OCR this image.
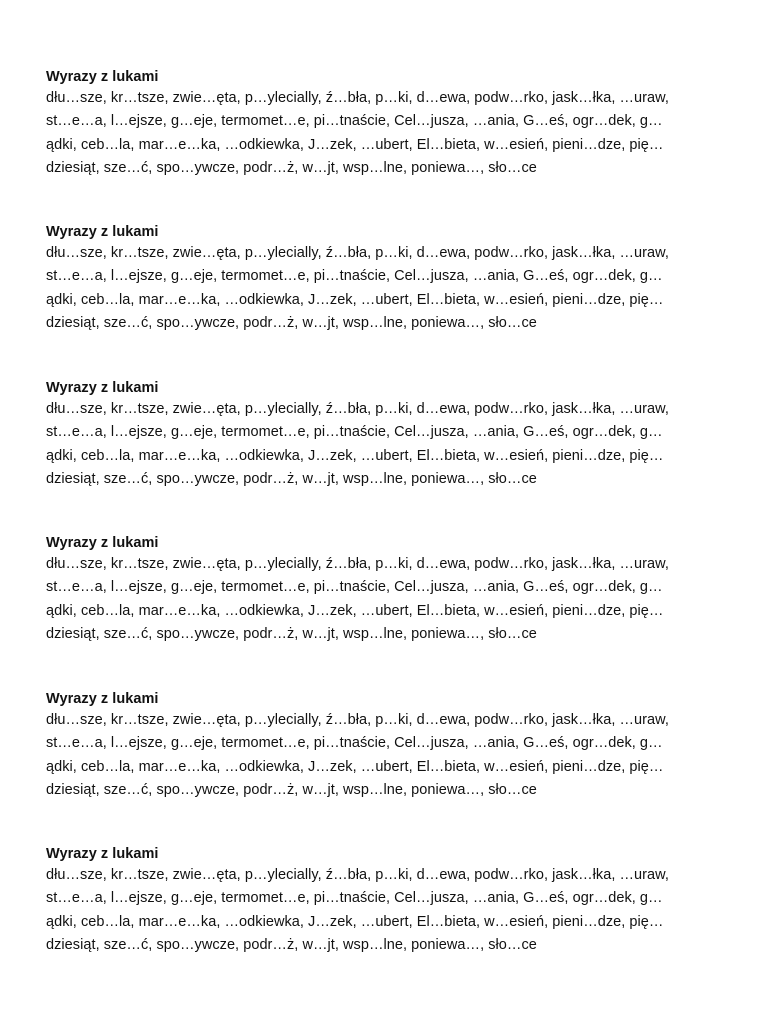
Wyrazy z lukami

dłu…sze, kr…tsze, zwie…ęta, p…ylecially, ź…bła, p…ki, d…ewa, podw…rko, jask…łka, …uraw,

st…e…a, l…ejsze, g…eje, termomet…e, pi…tnaście, Cel…jusza, …ania, G…eś, ogr…dek, g…

ądki, ceb…la, mar…e…ka, …odkiewka, J…zek, …ubert, El…bieta, w…esień, pieni…dze, pię…

dziesiąt, sze…ć, spo…ywcze, podr…ż, w…jt, wsp…lne, poniewa…, sło…ce

Wyrazy z lukami

dłu…sze, kr…tsze, zwie…ęta, p…ylecially, ź…bła, p…ki, d…ewa, podw…rko, jask…łka, …uraw,

st…e…a, l…ejsze, g…eje, termomet…e, pi…tnaście, Cel…jusza, …ania, G…eś, ogr…dek, g…

ądki, ceb…la, mar…e…ka, …odkiewka, J…zek, …ubert, El…bieta, w…esień, pieni…dze, pię…

dziesiąt, sze…ć, spo…ywcze, podr…ż, w…jt, wsp…lne, poniewa…, sło…ce

Wyrazy z lukami

dłu…sze, kr…tsze, zwie…ęta, p…ylecially, ź…bła, p…ki, d…ewa, podw…rko, jask…łka, …uraw,

st…e…a, l…ejsze, g…eje, termomet…e, pi…tnaście, Cel…jusza, …ania, G…eś, ogr…dek, g…

ądki, ceb…la, mar…e…ka, …odkiewka, J…zek, …ubert, El…bieta, w…esień, pieni…dze, pię…

dziesiąt, sze…ć, spo…ywcze, podr…ż, w…jt, wsp…lne, poniewa…, sło…ce

Wyrazy z lukami

dłu…sze, kr…tsze, zwie…ęta, p…ylecially, ź…bła, p…ki, d…ewa, podw…rko, jask…łka, …uraw,

st…e…a, l…ejsze, g…eje, termomet…e, pi…tnaście, Cel…jusza, …ania, G…eś, ogr…dek, g…

ądki, ceb…la, mar…e…ka, …odkiewka, J…zek, …ubert, El…bieta, w…esień, pieni…dze, pię…

dziesiąt, sze…ć, spo…ywcze, podr…ż, w…jt, wsp…lne, poniewa…, sło…ce

Wyrazy z lukami

dłu…sze, kr…tsze, zwie…ęta, p…ylecially, ź…bła, p…ki, d…ewa, podw…rko, jask…łka, …uraw,

st…e…a, l…ejsze, g…eje, termomet…e, pi…tnaście, Cel…jusza, …ania, G…eś, ogr…dek, g…

ądki, ceb…la, mar…e…ka, …odkiewka, J…zek, …ubert, El…bieta, w…esień, pieni…dze, pię…

dziesiąt, sze…ć, spo…ywcze, podr…ż, w…jt, wsp…lne, poniewa…, sło…ce

Wyrazy z lukami

dłu…sze, kr…tsze, zwie…ęta, p…ylecially, ź…bła, p…ki, d…ewa, podw…rko, jask…łka, …uraw,

st…e…a, l…ejsze, g…eje, termomet…e, pi…tnaście, Cel…jusza, …ania, G…eś, ogr…dek, g…

ądki, ceb…la, mar…e…ka, …odkiewka, J…zek, …ubert, El…bieta, w…esień, pieni…dze, pię…

dziesiąt, sze…ć, spo…ywcze, podr…ż, w…jt, wsp…lne, poniewa…, sło…ce
